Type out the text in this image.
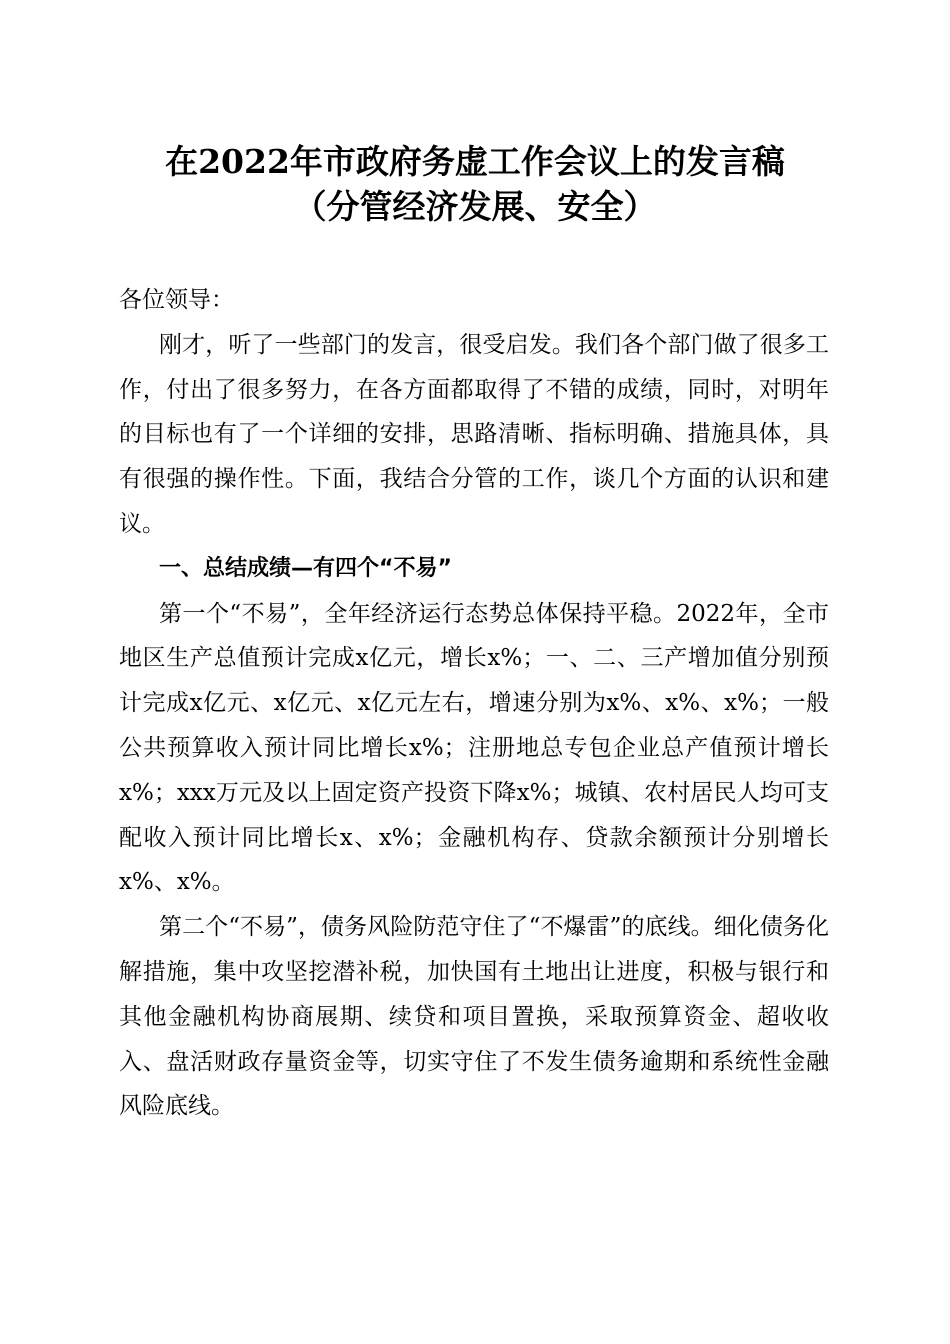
在2022年市政府务虚工作会议上的发言稿
（分管经济发展、安全）

各位领导：

刚才，听了一些部门的发言，很受启发。我们各个部门做了很多工作，付出了很多努力，在各方面都取得了不错的成绩，同时，对明年的目标也有了一个详细的安排，思路清晰、指标明确、措施具体，具有很强的操作性。下面，我结合分管的工作，谈几个方面的认识和建议。

一、总结成绩—有四个“不易”

第一个“不易”，全年经济运行态势总体保持平稳。2022年，全市地区生产总值预计完成x亿元，增长x%；一、二、三产增加值分别预计完成x亿元、x亿元、x亿元左右，增速分别为x%、x%、x%；一般公共预算收入预计同比增长x%；注册地总专包企业总产值预计增长x%；xxx万元及以上固定资产投资下降x%；城镇、农村居民人均可支配收入预计同比增长x、x%；金融机构存、贷款余额预计分别增长x%、x%。

第二个“不易”，债务风险防范守住了“不爆雷”的底线。细化债务化解措施，集中攻坚挖潜补税，加快国有土地出让进度，积极与银行和其他金融机构协商展期、续贷和项目置换，采取预算资金、超收收入、盘活财政存量资金等，切实守住了不发生债务逾期和系统性金融风险底线。
